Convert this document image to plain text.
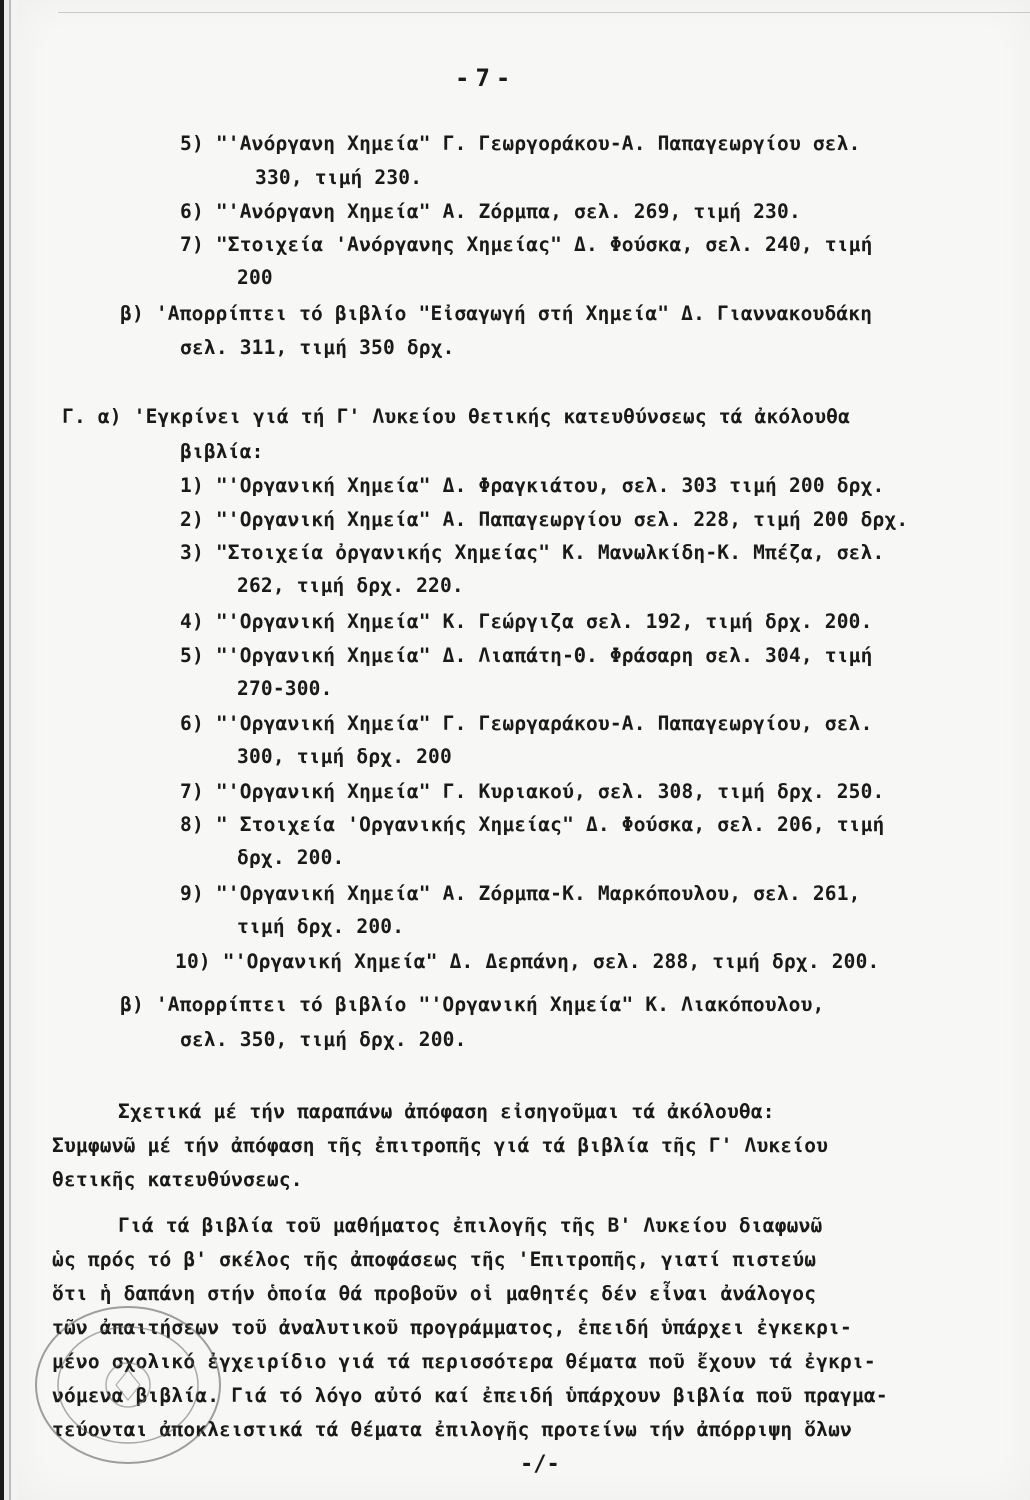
-7-
5) "'Ανόργανη Χημεία" Γ. Γεωργοράκου-Α. Παπαγεωργίου σελ.
330, τιμή 230.
6) "'Ανόργανη Χημεία" Α. Ζόρμπα, σελ. 269, τιμή 230.
7) "Στοιχεία 'Ανόργανης Χημείας" Δ. Φούσκα, σελ. 240, τιμή
200
β) 'Απορρίπτει τό βιβλίο "Εἰσαγωγή στή Χημεία" Δ. Γιαννακουδάκη
σελ. 311, τιμή 350 δρχ.
Γ. α) 'Εγκρίνει γιά τή Γ' Λυκείου θετικής κατευθύνσεως τά ἀκόλουθα
βιβλία:
1) "'Οργανική Χημεία" Δ. Φραγκιάτου, σελ. 303 τιμή 200 δρχ.
2) "'Οργανική Χημεία" Α. Παπαγεωργίου σελ. 228, τιμή 200 δρχ.
3) "Στοιχεία ὀργανικής Χημείας" Κ. Μανωλκίδη-Κ. Μπέζα, σελ.
262, τιμή δρχ. 220.
4) "'Οργανική Χημεία" Κ. Γεώργιζα σελ. 192, τιμή δρχ. 200.
5) "'Οργανική Χημεία" Δ. Λιαπάτη-Θ. Φράσαρη σελ. 304, τιμή
270-300.
6) "'Οργανική Χημεία" Γ. Γεωργαράκου-Α. Παπαγεωργίου, σελ.
300, τιμή δρχ. 200
7) "'Οργανική Χημεία" Γ. Κυριακού, σελ. 308, τιμή δρχ. 250.
8) " Στοιχεία 'Οργανικής Χημείας" Δ. Φούσκα, σελ. 206, τιμή
δρχ. 200.
9) "'Οργανική Χημεία" Α. Ζόρμπα-Κ. Μαρκόπουλου, σελ. 261,
τιμή δρχ. 200.
10) "'Οργανική Χημεία" Δ. Δερπάνη, σελ. 288, τιμή δρχ. 200.
β) 'Απορρίπτει τό βιβλίο "'Οργανική Χημεία" Κ. Λιακόπουλου,
σελ. 350, τιμή δρχ. 200.
Σχετικά μέ τήν παραπάνω ἀπόφαση εἰσηγοῦμαι τά ἀκόλουθα:
Συμφωνῶ μέ τήν ἀπόφαση τῆς ἐπιτροπῆς γιά τά βιβλία τῆς Γ' Λυκείου
θετικῆς κατευθύνσεως.
Γιά τά βιβλία τοῦ μαθήματος ἐπιλογῆς τῆς Β' Λυκείου διαφωνῶ
ὡς πρός τό β' σκέλος τῆς ἀποφάσεως τῆς 'Επιτροπῆς, γιατί πιστεύω
ὅτι ἡ δαπάνη στήν ὁποία θά προβοῦν οἱ μαθητές δέν εἶναι ἀνάλογος
τῶν ἀπαιτήσεων τοῦ ἀναλυτικοῦ προγράμματος, ἐπειδή ὑπάρχει ἐγκεκρι-
μένο σχολικό ἐγχειρίδιο γιά τά περισσότερα θέματα ποῦ ἔχουν τά ἐγκρι-
νόμενα βιβλία. Γιά τό λόγο αὐτό καί ἐπειδή ὑπάρχουν βιβλία ποῦ πραγμα-
τεύονται ἀποκλειστικά τά θέματα ἐπιλογῆς προτείνω τήν ἀπόρριψη ὅλων
-/-
